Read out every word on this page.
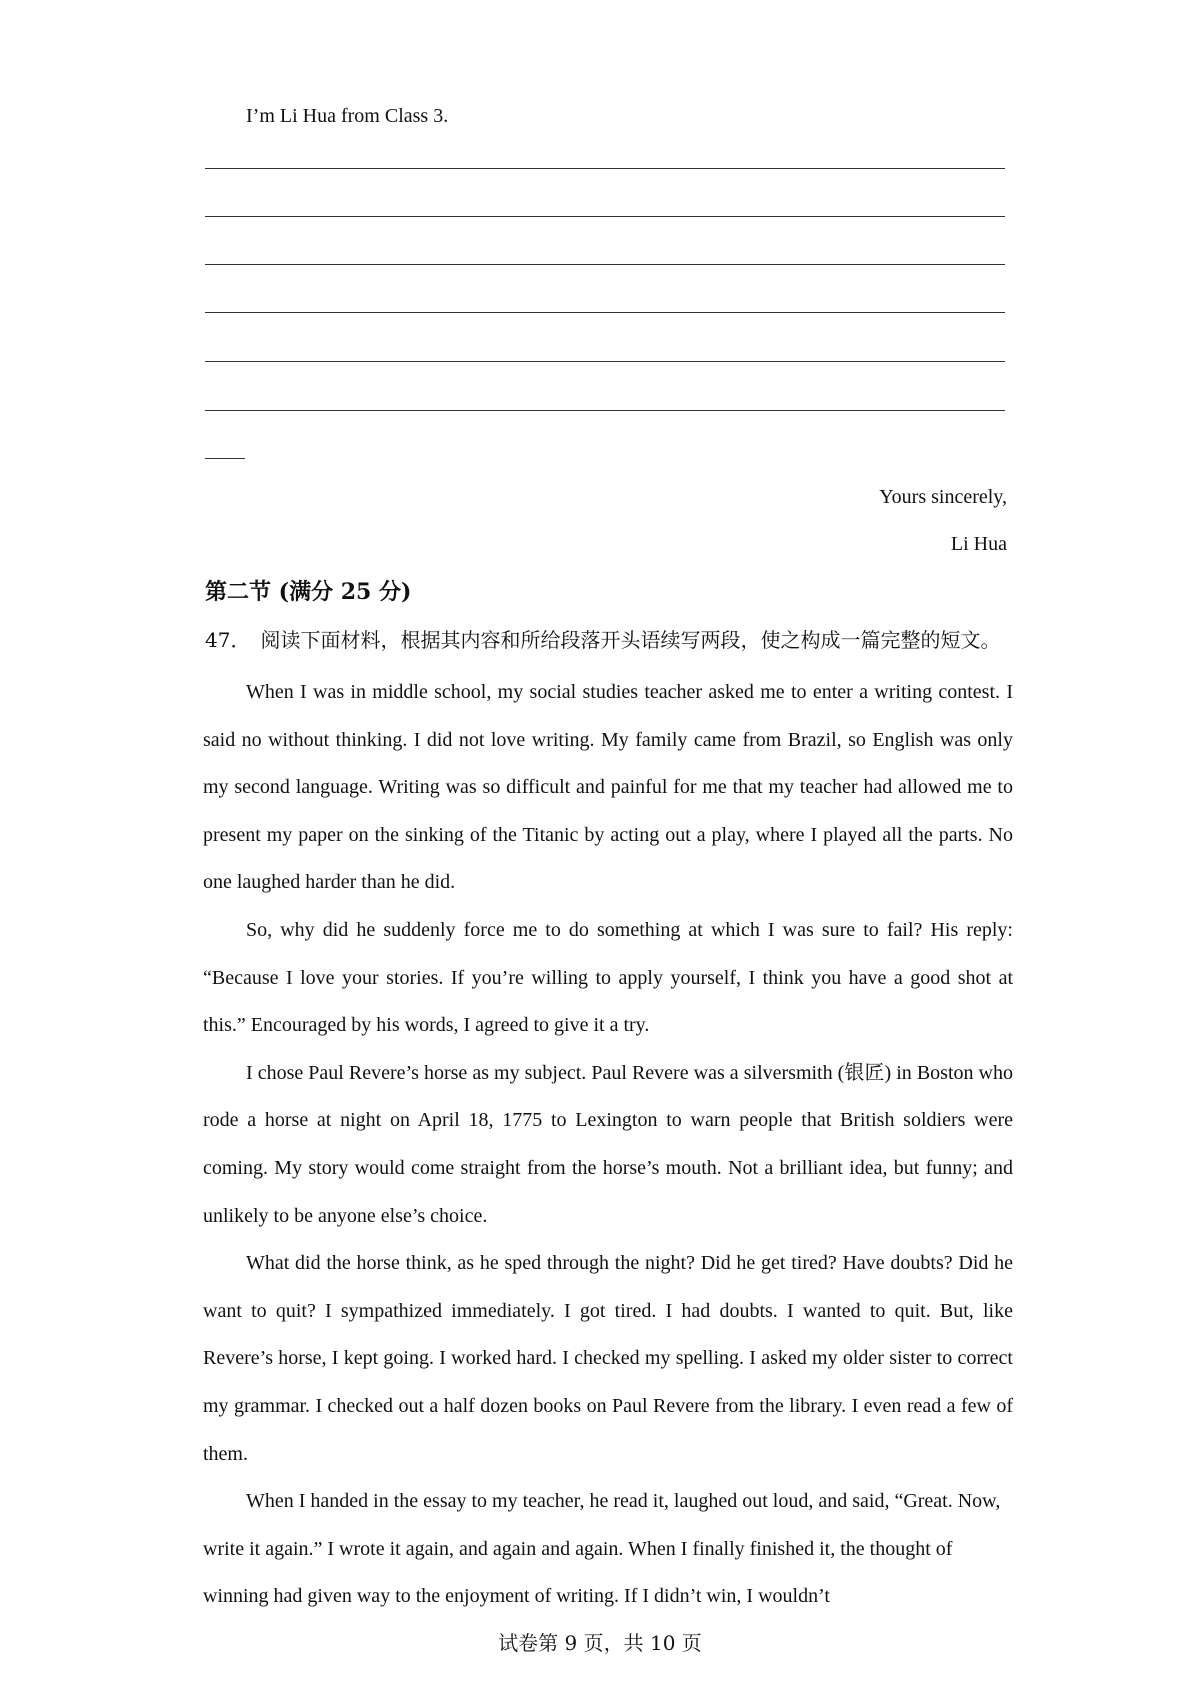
I’m Li Hua from Class 3.
Yours sincerely,
Li Hua
第二节 (满分 25 分)
47． 阅读下面材料，根据其内容和所给段落开头语续写两段，使之构成一篇完整的短文。

When I was in middle school, my social studies teacher asked me to enter a writing contest. I said no without thinking. I did not love writing. My family came from Brazil, so English was only my second language. Writing was so difficult and painful for me that my teacher had allowed me to present my paper on the sinking of the Titanic by acting out a play, where I played all the parts. No one laughed harder than he did.

So, why did he suddenly force me to do something at which I was sure to fail? His reply: “Because I love your stories. If you’re willing to apply yourself, I think you have a good shot at this.” Encouraged by his words, I agreed to give it a try.

I chose Paul Revere’s horse as my subject. Paul Revere was a silversmith (银匠) in Boston who rode a horse at night on April 18, 1775 to Lexington to warn people that British soldiers were coming. My story would come straight from the horse’s mouth. Not a brilliant idea, but funny; and unlikely to be anyone else’s choice.

What did the horse think, as he sped through the night? Did he get tired? Have doubts? Did he want to quit? I sympathized immediately. I got tired. I had doubts. I wanted to quit. But, like Revere’s horse, I kept going. I worked hard. I checked my spelling. I asked my older sister to correct my grammar. I checked out a half dozen books on Paul Revere from the library. I even read a few of them.

When I handed in the essay to my teacher, he read it, laughed out loud, and said, “Great. Now, write it again.” I wrote it again, and again and again. When I finally finished it, the thought of winning had given way to the enjoyment of writing. If I didn’t win, I wouldn’t

试卷第 9 页，共 10 页
